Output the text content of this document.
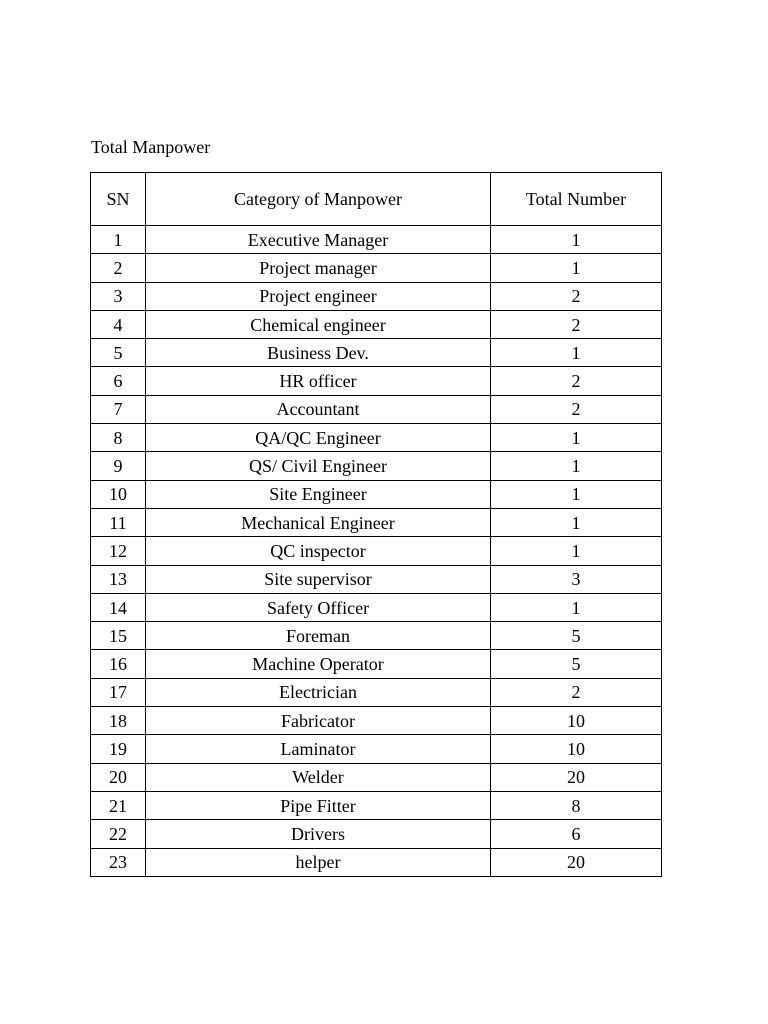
Total Manpower
SN	Category of Manpower	Total Number
1	Executive Manager	1
2	Project manager	1
3	Project engineer	2
4	Chemical engineer	2
5	Business Dev.	1
6	HR officer	2
7	Accountant	2
8	QA/QC Engineer	1
9	QS/ Civil Engineer	1
10	Site Engineer	1
11	Mechanical Engineer	1
12	QC inspector	1
13	Site supervisor	3
14	Safety Officer	1
15	Foreman	5
16	Machine Operator	5
17	Electrician	2
18	Fabricator	10
19	Laminator	10
20	Welder	20
21	Pipe Fitter	8
22	Drivers	6
23	helper	20
